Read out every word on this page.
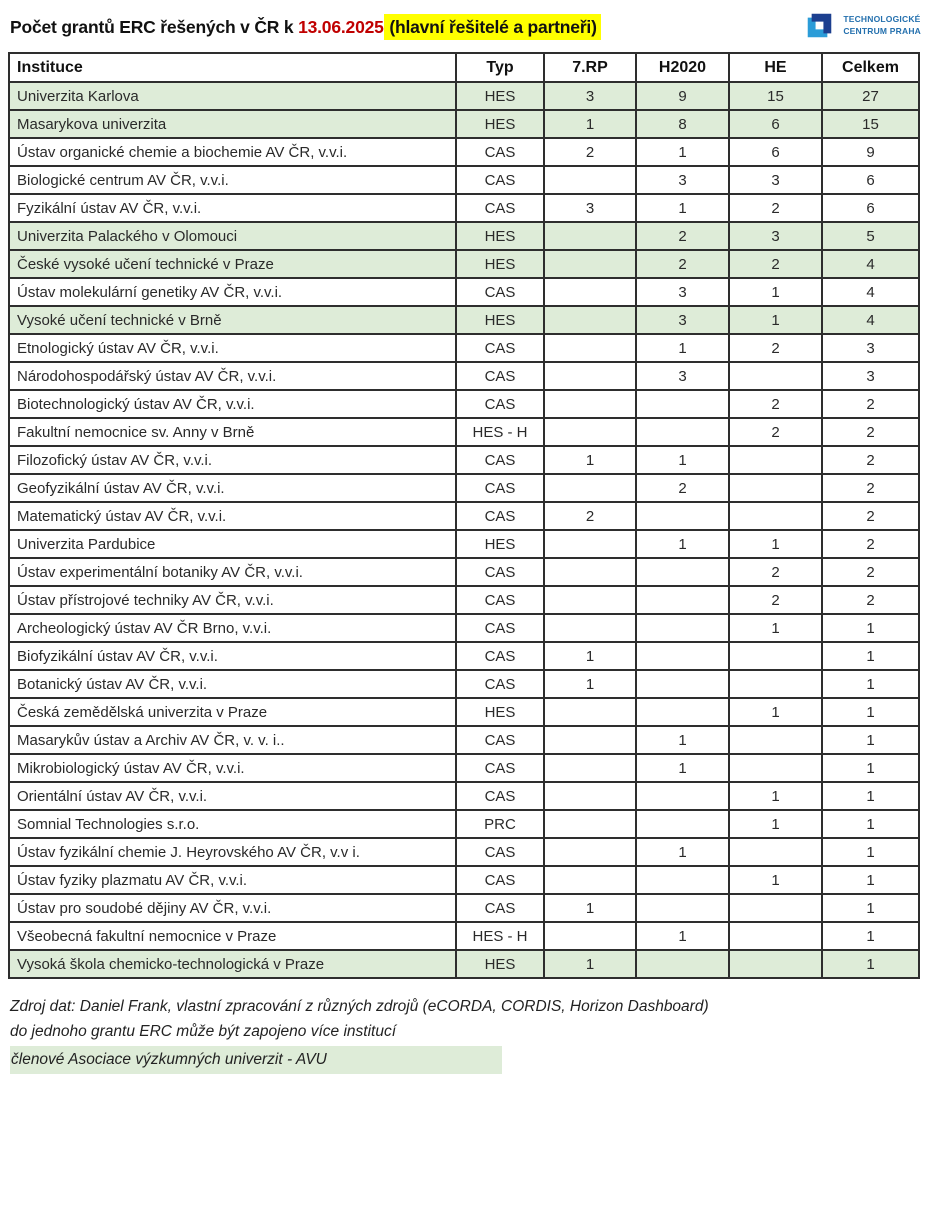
Počet grantů ERC řešených v ČR k 13.06.2025 (hlavní řešitelé a partneři)	TECHNOLOGICKÉ
CENTRUM PRAHA
Instituce	Typ	7.RP	H2020	HE	Celkem
Univerzita Karlova	HES	3	9	15	27
Masarykova univerzita	HES	1	8	6	15
Ústav organické chemie a biochemie AV ČR, v.v.i.	CAS	2	1	6	9
Biologické centrum AV ČR, v.v.i.	CAS		3	3	6
Fyzikální ústav AV ČR, v.v.i.	CAS	3	1	2	6
Univerzita Palackého v Olomouci	HES		2	3	5
České vysoké učení technické v Praze	HES		2	2	4
Ústav molekulární genetiky AV ČR, v.v.i.	CAS		3	1	4
Vysoké učení technické v Brně	HES		3	1	4
Etnologický ústav AV ČR, v.v.i.	CAS		1	2	3
Národohospodářský ústav AV ČR, v.v.i.	CAS		3		3
Biotechnologický ústav AV ČR, v.v.i.	CAS			2	2
Fakultní nemocnice sv. Anny v Brně	HES - H			2	2
Filozofický ústav AV ČR, v.v.i.	CAS	1	1		2
Geofyzikální ústav AV ČR, v.v.i.	CAS		2		2
Matematický ústav AV ČR, v.v.i.	CAS	2			2
Univerzita Pardubice	HES		1	1	2
Ústav experimentální botaniky AV ČR, v.v.i.	CAS			2	2
Ústav přístrojové techniky AV ČR, v.v.i.	CAS			2	2
Archeologický ústav AV ČR Brno, v.v.i.	CAS			1	1
Biofyzikální ústav AV ČR, v.v.i.	CAS	1			1
Botanický ústav AV ČR, v.v.i.	CAS	1			1
Česká zemědělská univerzita v Praze	HES			1	1
Masarykův ústav a Archiv AV ČR, v. v. i..	CAS		1		1
Mikrobiologický ústav AV ČR, v.v.i.	CAS		1		1
Orientální ústav AV ČR, v.v.i.	CAS			1	1
Somnial Technologies s.r.o.	PRC			1	1
Ústav fyzikální chemie J. Heyrovského AV ČR, v.v i.	CAS		1		1
Ústav fyziky plazmatu AV ČR, v.v.i.	CAS			1	1
Ústav pro soudobé dějiny AV ČR, v.v.i.	CAS	1			1
Všeobecná fakultní nemocnice v Praze	HES - H		1		1
Vysoká škola chemicko-technologická v Praze	HES	1			1
Zdroj dat: Daniel Frank, vlastní zpracování z různých zdrojů (eCORDA, CORDIS, Horizon Dashboard)
do jednoho grantu ERC může být zapojeno více institucí
členové Asociace výzkumných univerzit - AVU
